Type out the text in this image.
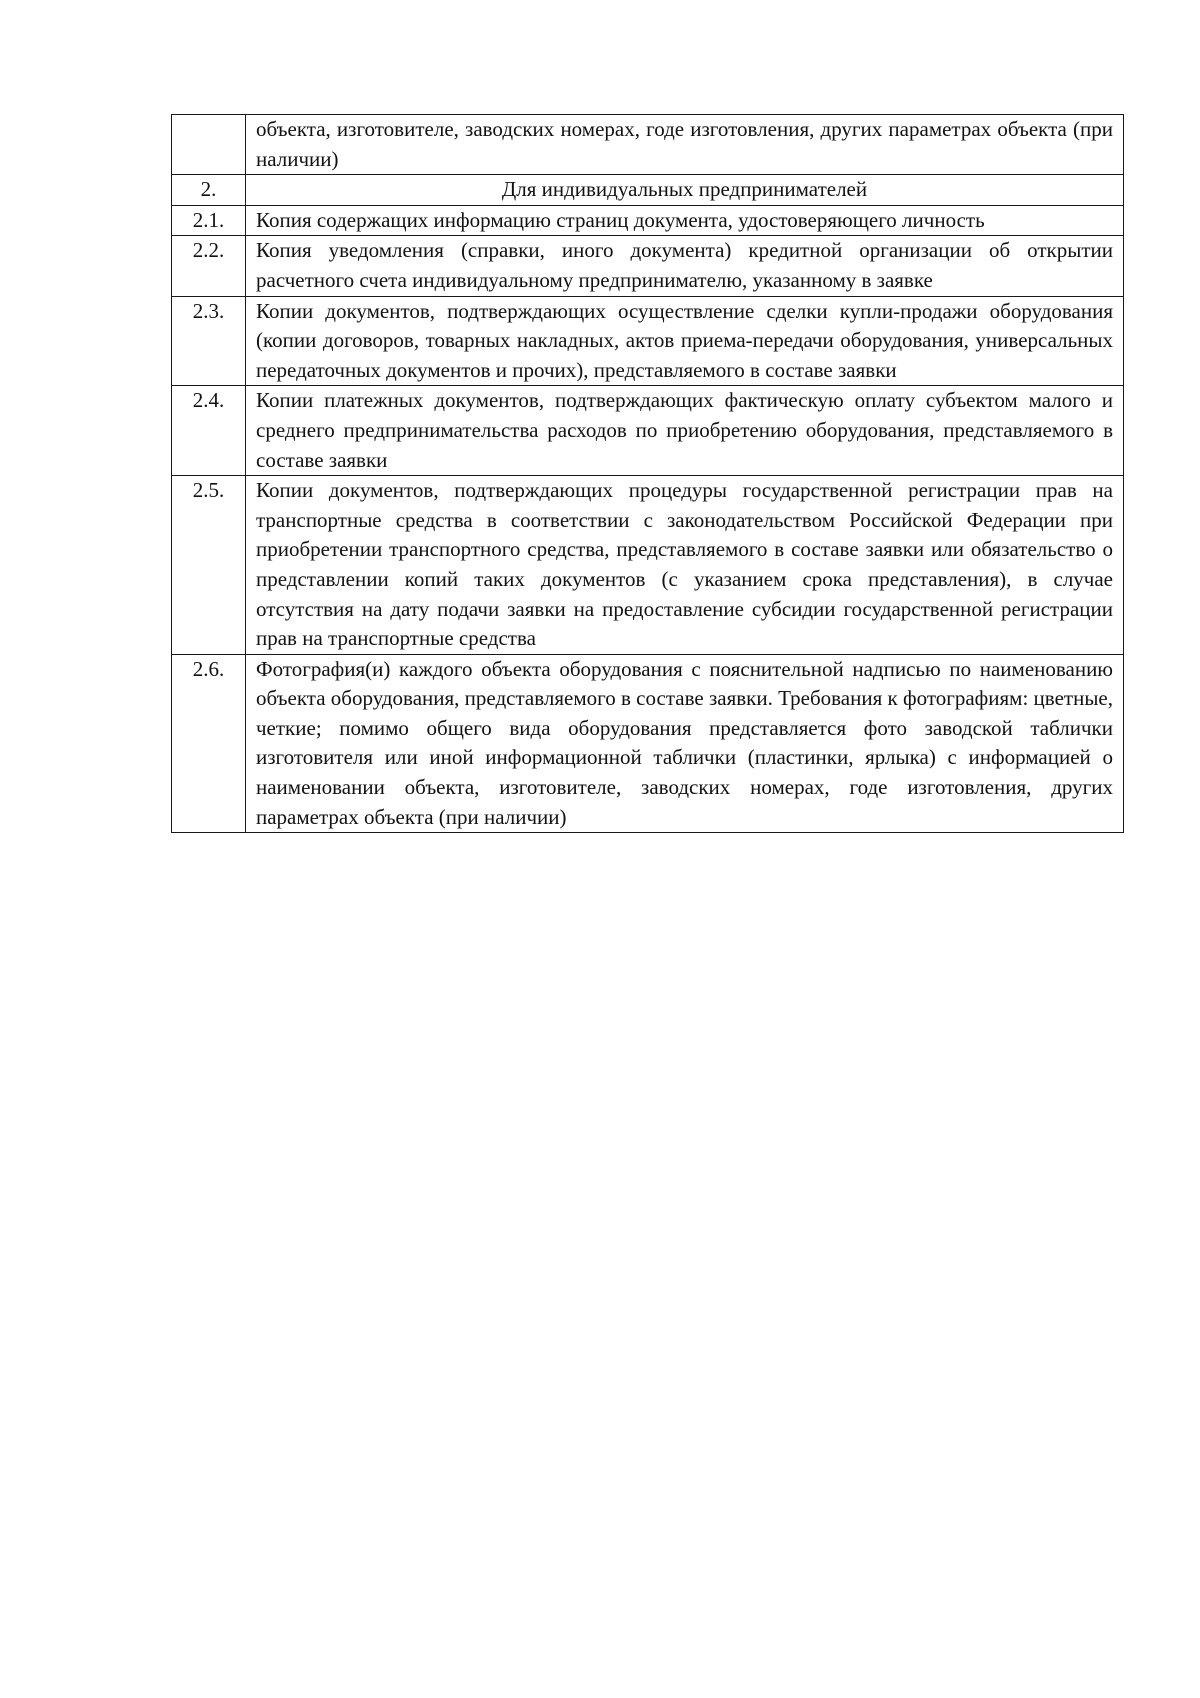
	объекта, изготовителе, заводских номерах, годе изготовления, других параметрах объекта (при наличии)
2.	Для индивидуальных предпринимателей
2.1.	Копия содержащих информацию страниц документа, удостоверяющего личность
2.2.	Копия уведомления (справки, иного документа) кредитной организации об открытии расчетного счета индивидуальному предпринимателю, указанному в заявке
2.3.	Копии документов, подтверждающих осуществление сделки купли-продажи оборудования (копии договоров, товарных накладных, актов приема-передачи оборудования, универсальных передаточных документов и прочих), представляемого в составе заявки
2.4.	Копии платежных документов, подтверждающих фактическую оплату субъектом малого и среднего предпринимательства расходов по приобретению оборудования, представляемого в составе заявки
2.5.	Копии документов, подтверждающих процедуры государственной регистрации прав на транспортные средства в соответствии с законодательством Российской Федерации при приобретении транспортного средства, представляемого в составе заявки или обязательство о представлении копий таких документов (с указанием срока представления), в случае отсутствия на дату подачи заявки на предоставление субсидии государственной регистрации прав на транспортные средства
2.6.	Фотография(и) каждого объекта оборудования с пояснительной надписью по наименованию объекта оборудования, представляемого в составе заявки. Требования к фотографиям: цветные, четкие; помимо общего вида оборудования представляется фото заводской таблички изготовителя или иной информационной таблички (пластинки, ярлыка) с информацией о наименовании объекта, изготовителе, заводских номерах, годе изготовления, других параметрах объекта (при наличии)
